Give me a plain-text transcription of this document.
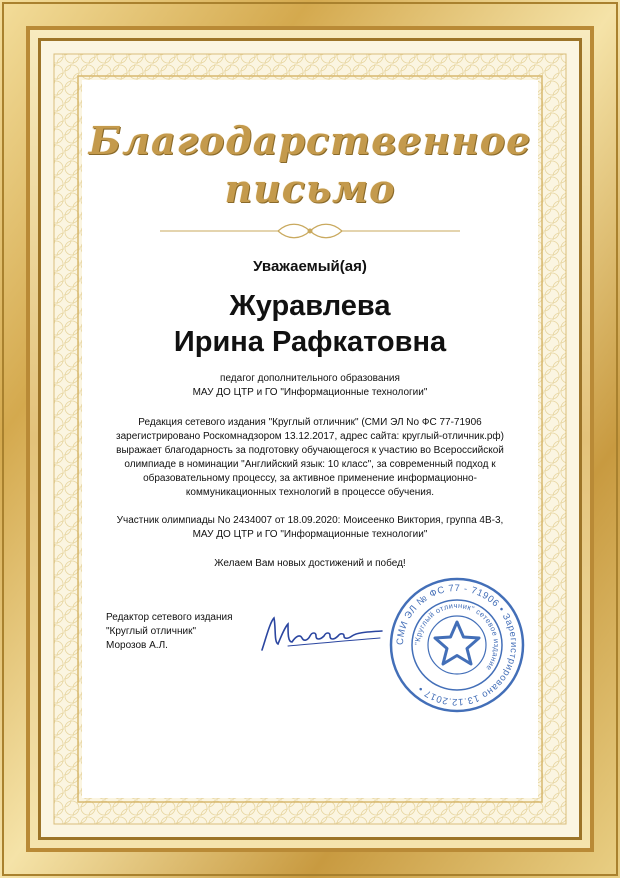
Благодарственное
письмо
Уважаемый(ая)
Журавлева
Ирина Рафкатовна
педагог дополнительного образования
МАУ ДО ЦТР и ГО "Информационные технологии"
Редакция сетевого издания "Круглый отличник" (СМИ ЭЛ No ФС 77-71906
зарегистрировано Роскомнадзором 13.12.2017, адрес сайта: круглый-отличник.рф)
выражает благодарность за подготовку обучающегося к участию во Всероссийской
олимпиаде в номинации "Английский язык: 10 класс", за современный подход к
образовательному процессу, за активное применение информационно-
коммуникационных технологий в процессе обучения.
Участник олимпиады No 2434007 от 18.09.2020: Моисеенко Виктория, группа 4В-3,
МАУ ДО ЦТР и ГО "Информационные технологии"
Желаем Вам новых достижений и побед!
Редактор сетевого издания
"Круглый отличник"
Морозов А.Л.	СМИ ЭЛ № ФС 77 - 71906 • Зарегистрировано 13.12.2017 •
"Круглый отличник" сетевое издание
